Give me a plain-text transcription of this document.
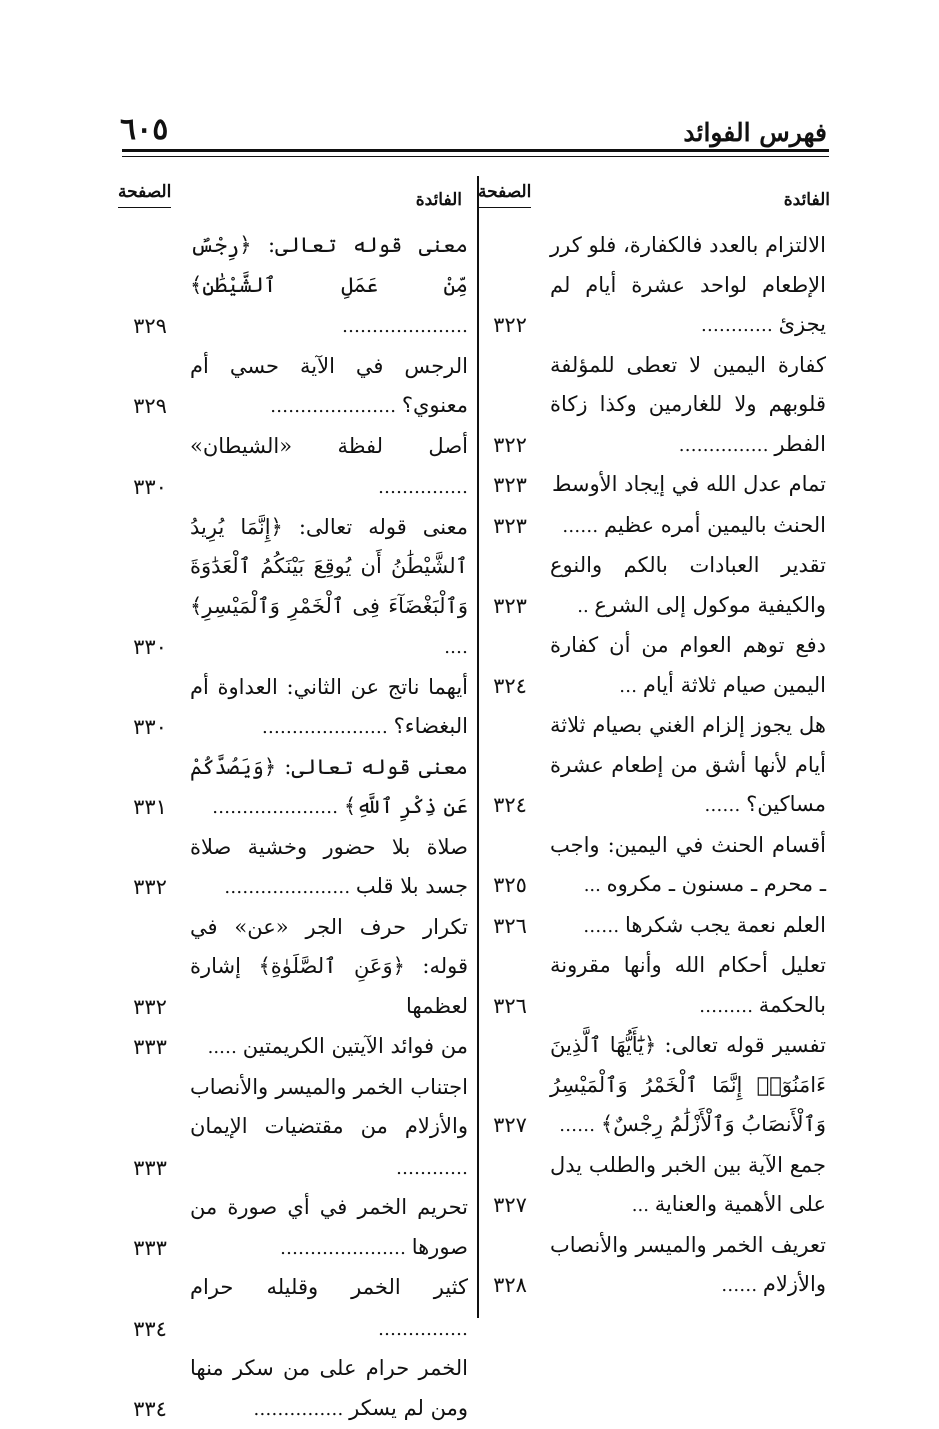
٦٠٥	فهرس الفوائد
الفائدة
الصفحة
الالتزام بالعدد فالكفارة، فلو كرر الإطعام لواحد عشرة أيام لم يجزئ …………
٣٢٢
كفارة اليمين لا تعطى للمؤلفة قلوبهم ولا للغارمين وكذا زكاة الفطر ……………
٣٢٢
تمام عدل الله في إيجاد الأوسط
٣٢٣
الحنث باليمين أمره عظيم ……
٣٢٣
تقدير العبادات بالكم والنوع والكيفية موكول إلى الشرع ..
٣٢٣
دفع توهم العوام من أن كفارة اليمين صيام ثلاثة أيام …
٣٢٤
هل يجوز إلزام الغني بصيام ثلاثة أيام لأنها أشق من إطعام عشرة مساكين؟ ……
٣٢٤
أقسام الحنث في اليمين: واجب ـ محرم ـ مسنون ـ مكروه ...
٣٢٥
العلم نعمة يجب شكرها ……
٣٢٦
تعليل أحكام الله وأنها مقرونة بالحكمة ………
٣٢٦
تفسير قوله تعالى: ﴿يَٰٓأَيُّهَا ٱلَّذِينَ ءَامَنُوٓا۟ إِنَّمَا ٱلْخَمْرُ وَٱلْمَيْسِرُ وَٱلْأَنصَابُ وَٱلْأَزْلَٰمُ رِجْسٌ﴾ ……
٣٢٧
جمع الآية بين الخبر والطلب يدل على الأهمية والعناية ...
٣٢٧
تعريف الخمر والميسر والأنصاب والأزلام ……
٣٢٨
الفائدة
الصفحة
معنى قوله تعالى: ﴿رِجْسٌ مِّنْ عَمَلِ ٱلشَّيْطَٰنِ﴾ …………………
٣٢٩
الرجس في الآية حسي أم معنوي؟ …………………
٣٢٩
أصل لفظة «الشيطان» ……………
٣٣٠
معنى قوله تعالى: ﴿إِنَّمَا يُرِيدُ ٱلشَّيْطَٰنُ أَن يُوقِعَ بَيْنَكُمُ ٱلْعَدَٰوَةَ وَٱلْبَغْضَآءَ فِى ٱلْخَمْرِ وَٱلْمَيْسِرِ﴾ ….
٣٣٠
أيهما ناتج عن الثاني: العداوة أم البغضاء؟ …………………
٣٣٠
معنى قوله تعالى: ﴿وَيَصُدَّكُمْ عَن ذِكْرِ ٱللَّهِ﴾ …………………
٣٣١
صلاة بلا حضور وخشية صلاة جسد بلا قلب …………………
٣٣٢
تكرار حرف الجر «عن» في قوله: ﴿وَعَنِ ٱلصَّلَوٰةِ﴾ إشارة لعظمها
٣٣٢
من فوائد الآيتين الكريمتين …..
٣٣٣
اجتناب الخمر والميسر والأنصاب والأزلام من مقتضيات الإيمان …………
٣٣٣
تحريم الخمر في أي صورة من صورها …………………
٣٣٣
كثير الخمر وقليله حرام ……………
٣٣٤
الخمر حرام على من سكر منها ومن لم يسكر ……………
٣٣٤
